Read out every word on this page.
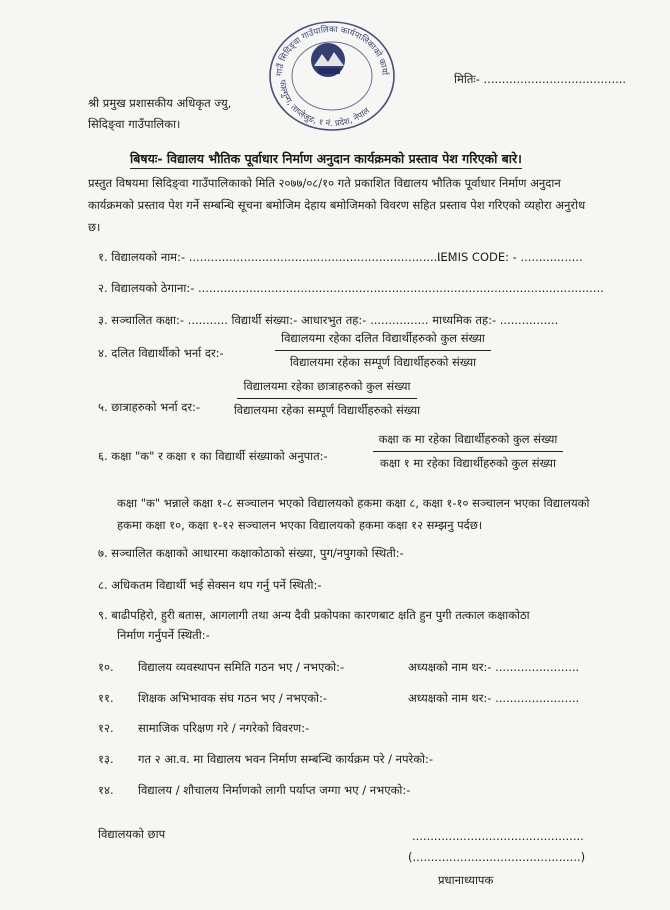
गाउँ सिदिङ्वा गाउँपालिका कार्यपालिकाको कार्या
फाल्गुन्ग, ताप्लेजुङ, १ नं. प्रदेश, नेपाल
मितिः- .......................................
श्री प्रमुख प्रशासकीय अधिकृत ज्यु,
सिदिङ्वा गाउँपालिका।
बिषयः- विद्यालय भौतिक पूर्वाधार निर्माण अनुदान कार्यक्रमको प्रस्ताव पेश गरिएको बारे।
प्रस्तुत विषयमा सिदिङ्वा गाउँपालिकाको मिति २०७७/०८/१० गते प्रकाशित विद्यालय भौतिक पूर्वाधार निर्माण अनुदान कार्यक्रमको प्रस्ताव पेश गर्ने सम्बन्धि सूचना बमोजिम देहाय बमोजिमको विवरण सहित प्रस्ताव पेश गरिएको व्यहोरा अनुरोध छ।
१. विद्यालयको नाम:- .........................................................................
IEMIS CODE: - .................
२. विद्यालयको ठेगाना:- ...............................................................................................................
३. सञ्चालित कक्षा:- ........... विद्यार्थी संख्या:- आधारभुत तह:- ................ माध्यमिक तह:- ................
४. दलित विद्यार्थीको भर्ना दर:-
विद्यालयमा रहेका दलित विद्यार्थीहरुको कुल संख्या
विद्यालयमा रहेका सम्पूर्ण विद्यार्थीहरुको संख्या
५. छात्राहरुको भर्ना दर:-
विद्यालयमा रहेका छात्राहरुको कुल संख्या
विद्यालयमा रहेका सम्पूर्ण विद्यार्थीहरुको संख्या
६. कक्षा "क" र कक्षा १ का विद्यार्थी संख्याको अनुपात:-
कक्षा क मा रहेका विद्यार्थीहरुको कुल संख्या
कक्षा १ मा रहेका विद्यार्थीहरुको कुल संख्या
कक्षा "क" भन्नाले कक्षा १-८ सञ्चालन भएको विद्यालयको हकमा कक्षा ८, कक्षा १-१० सञ्चालन भएका विद्यालयको हकमा कक्षा १०, कक्षा १-१२ सञ्चालन भएका विद्यालयको हकमा कक्षा १२ सम्झनु पर्दछ।
७. सञ्चालित कक्षाको आधारमा कक्षाकोठाको संख्या, पुग/नपुगको स्थिती:-
८. अधिकतम विद्यार्थी भई सेक्सन थप गर्नु पर्ने स्थिती:-
९. बाढीपहिरो, हुरी बतास, आगलागी तथा अन्य दैवी प्रकोपका कारणबाट क्षति हुन पुगी तत्काल कक्षाकोठा
निर्माण गर्नुपर्ने स्थिती:-
१०. विद्यालय व्यवस्थापन समिति गठन भए / नभएको:-	अध्यक्षको नाम थर:- .......................
११. शिक्षक अभिभावक संघ गठन भए / नभएको:-	अध्यक्षको नाम थर:- .......................
१२. सामाजिक परिक्षण गरे / नगरेको विवरण:-
१३. गत २ आ.व. मा विद्यालय भवन निर्माण सम्बन्धि कार्यक्रम परे / नपरेको:-
१४. विद्यालय / शौचालय निर्माणको लागी पर्याप्त जग्गा भए / नभएको:-
विद्यालयको छाप	...............................................
(..............................................)
प्रधानाध्यापक
